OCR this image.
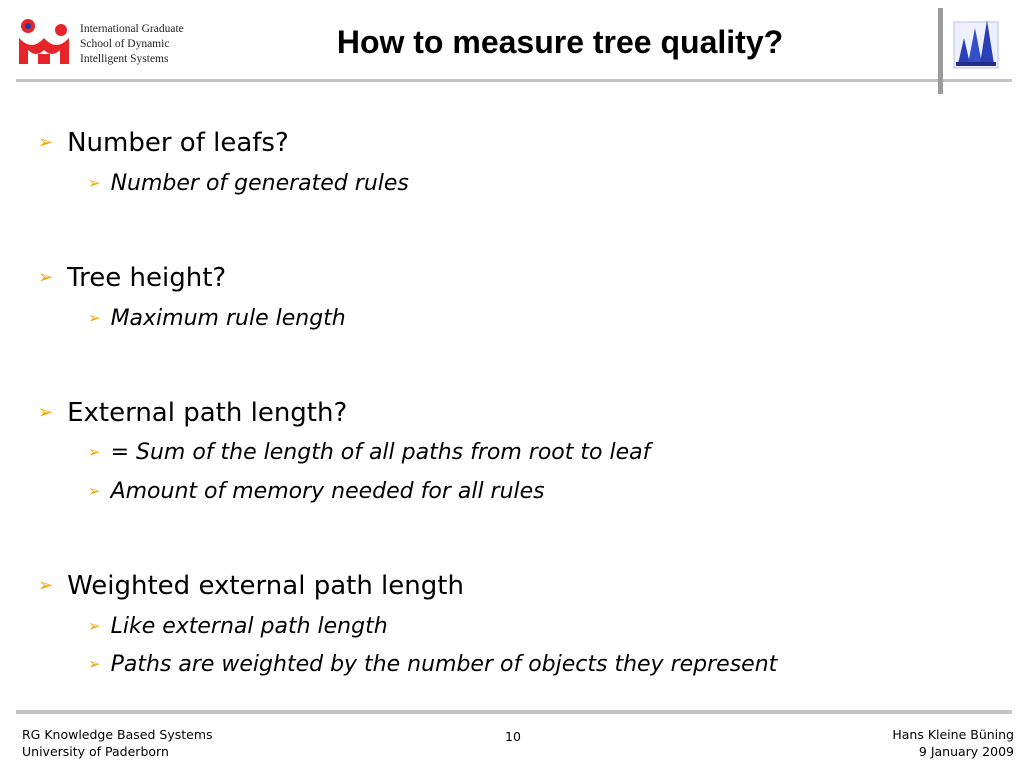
International Graduate
School of Dynamic
Intelligent Systems	How to measure tree quality?
➢ Number of leafs?
➢ Number of generated rules
➢ Tree height?
➢ Maximum rule length
➢ External path length?
➢ = Sum of the length of all paths from root to leaf
➢ Amount of memory needed for all rules
➢ Weighted external path length
➢ Like external path length
➢ Paths are weighted by the number of objects they represent
RG Knowledge Based Systems
University of Paderborn
10	Hans Kleine Büning
9 January 2009
